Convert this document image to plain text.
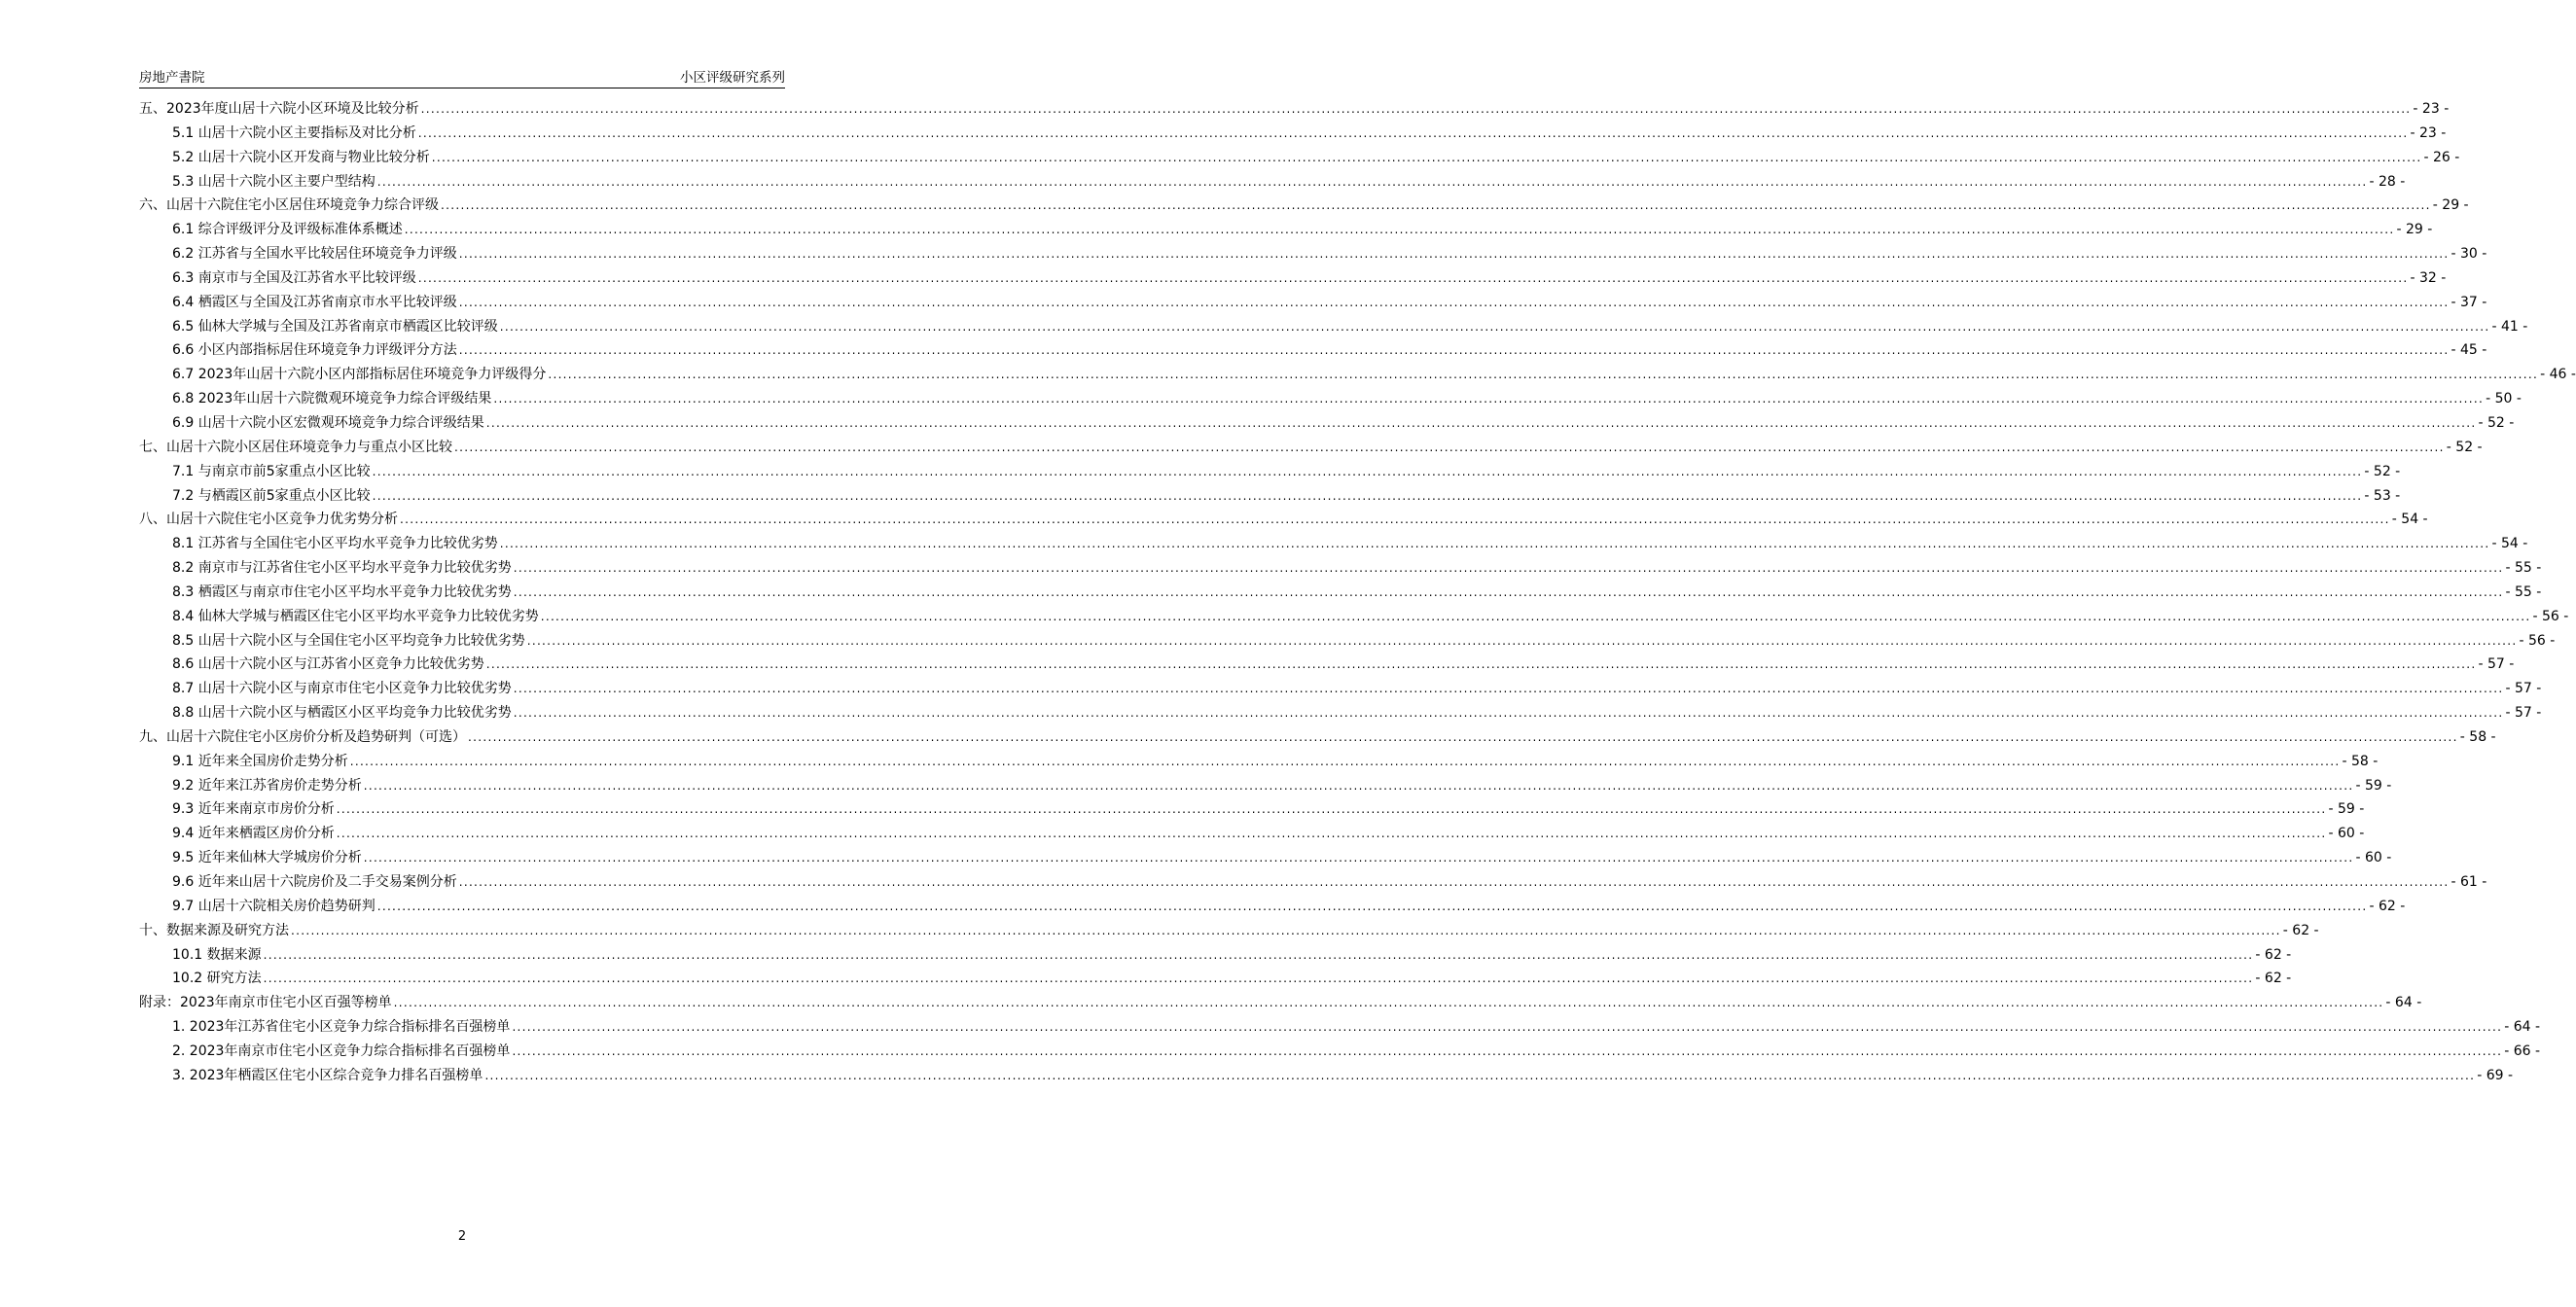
房地产書院	小区评级研究系列
五、2023年度山居十六院小区环境及比较分析 ................................................................................................................................................................................................................................................................................................................................................................................................................ - 23 -
5.1 山居十六院小区主要指标及对比分析 ................................................................................................................................................................................................................................................................................................................................................................................................................ - 23 -
5.2 山居十六院小区开发商与物业比较分析 ................................................................................................................................................................................................................................................................................................................................................................................................................ - 26 -
5.3 山居十六院小区主要户型结构 ................................................................................................................................................................................................................................................................................................................................................................................................................ - 28 -
六、山居十六院住宅小区居住环境竞争力综合评级 ................................................................................................................................................................................................................................................................................................................................................................................................................ - 29 -
6.1 综合评级评分及评级标准体系概述 ................................................................................................................................................................................................................................................................................................................................................................................................................ - 29 -
6.2 江苏省与全国水平比较居住环境竞争力评级 ................................................................................................................................................................................................................................................................................................................................................................................................................ - 30 -
6.3 南京市与全国及江苏省水平比较评级 ................................................................................................................................................................................................................................................................................................................................................................................................................ - 32 -
6.4 栖霞区与全国及江苏省南京市水平比较评级 ................................................................................................................................................................................................................................................................................................................................................................................................................ - 37 -
6.5 仙林大学城与全国及江苏省南京市栖霞区比较评级 ................................................................................................................................................................................................................................................................................................................................................................................................................ - 41 -
6.6 小区内部指标居住环境竞争力评级评分方法 ................................................................................................................................................................................................................................................................................................................................................................................................................ - 45 -
6.7 2023年山居十六院小区内部指标居住环境竞争力评级得分 ................................................................................................................................................................................................................................................................................................................................................................................................................ - 46 -
6.8 2023年山居十六院微观环境竞争力综合评级结果 ................................................................................................................................................................................................................................................................................................................................................................................................................ - 50 -
6.9 山居十六院小区宏微观环境竞争力综合评级结果 ................................................................................................................................................................................................................................................................................................................................................................................................................ - 52 -
七、山居十六院小区居住环境竞争力与重点小区比较 ................................................................................................................................................................................................................................................................................................................................................................................................................ - 52 -
7.1 与南京市前5家重点小区比较 ................................................................................................................................................................................................................................................................................................................................................................................................................ - 52 -
7.2 与栖霞区前5家重点小区比较 ................................................................................................................................................................................................................................................................................................................................................................................................................ - 53 -
八、山居十六院住宅小区竞争力优劣势分析 ................................................................................................................................................................................................................................................................................................................................................................................................................ - 54 -
8.1 江苏省与全国住宅小区平均水平竞争力比较优劣势 ................................................................................................................................................................................................................................................................................................................................................................................................................ - 54 -
8.2 南京市与江苏省住宅小区平均水平竞争力比较优劣势 ................................................................................................................................................................................................................................................................................................................................................................................................................ - 55 -
8.3 栖霞区与南京市住宅小区平均水平竞争力比较优劣势 ................................................................................................................................................................................................................................................................................................................................................................................................................ - 55 -
8.4 仙林大学城与栖霞区住宅小区平均水平竞争力比较优劣势 ................................................................................................................................................................................................................................................................................................................................................................................................................ - 56 -
8.5 山居十六院小区与全国住宅小区平均竞争力比较优劣势 ................................................................................................................................................................................................................................................................................................................................................................................................................ - 56 -
8.6 山居十六院小区与江苏省小区竞争力比较优劣势 ................................................................................................................................................................................................................................................................................................................................................................................................................ - 57 -
8.7 山居十六院小区与南京市住宅小区竞争力比较优劣势 ................................................................................................................................................................................................................................................................................................................................................................................................................ - 57 -
8.8 山居十六院小区与栖霞区小区平均竞争力比较优劣势 ................................................................................................................................................................................................................................................................................................................................................................................................................ - 57 -
九、山居十六院住宅小区房价分析及趋势研判（可选） ................................................................................................................................................................................................................................................................................................................................................................................................................ - 58 -
9.1 近年来全国房价走势分析 ................................................................................................................................................................................................................................................................................................................................................................................................................ - 58 -
9.2 近年来江苏省房价走势分析 ................................................................................................................................................................................................................................................................................................................................................................................................................ - 59 -
9.3 近年来南京市房价分析 ................................................................................................................................................................................................................................................................................................................................................................................................................ - 59 -
9.4 近年来栖霞区房价分析 ................................................................................................................................................................................................................................................................................................................................................................................................................ - 60 -
9.5 近年来仙林大学城房价分析 ................................................................................................................................................................................................................................................................................................................................................................................................................ - 60 -
9.6 近年来山居十六院房价及二手交易案例分析 ................................................................................................................................................................................................................................................................................................................................................................................................................ - 61 -
9.7 山居十六院相关房价趋势研判 ................................................................................................................................................................................................................................................................................................................................................................................................................ - 62 -
十、数据来源及研究方法 ................................................................................................................................................................................................................................................................................................................................................................................................................ - 62 -
10.1 数据来源 ................................................................................................................................................................................................................................................................................................................................................................................................................ - 62 -
10.2 研究方法 ................................................................................................................................................................................................................................................................................................................................................................................................................ - 62 -
附录：2023年南京市住宅小区百强等榜单 ................................................................................................................................................................................................................................................................................................................................................................................................................ - 64 -
1. 2023年江苏省住宅小区竞争力综合指标排名百强榜单 ................................................................................................................................................................................................................................................................................................................................................................................................................ - 64 -
2. 2023年南京市住宅小区竞争力综合指标排名百强榜单 ................................................................................................................................................................................................................................................................................................................................................................................................................ - 66 -
3. 2023年栖霞区住宅小区综合竞争力排名百强榜单 ................................................................................................................................................................................................................................................................................................................................................................................................................ - 69 -
2
